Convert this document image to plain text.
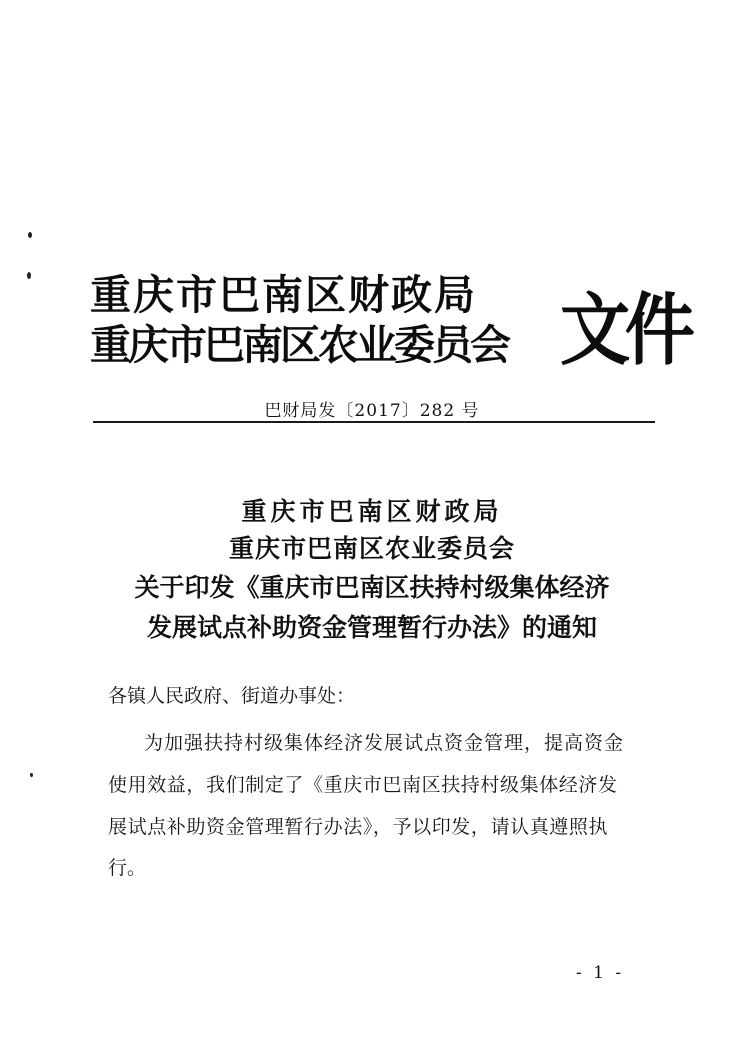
重庆市巴南区财政局
重庆市巴南区农业委员会 文件
巴财局发〔2017〕282 号
重庆市巴南区财政局
重庆市巴南区农业委员会
关于印发《重庆市巴南区扶持村级集体经济
发展试点补助资金管理暂行办法》的通知
各镇人民政府、街道办事处：
为加强扶持村级集体经济发展试点资金管理，提高资金
使用效益，我们制定了《重庆市巴南区扶持村级集体经济发
展试点补助资金管理暂行办法》，予以印发，请认真遵照执
行。
- 1 -
